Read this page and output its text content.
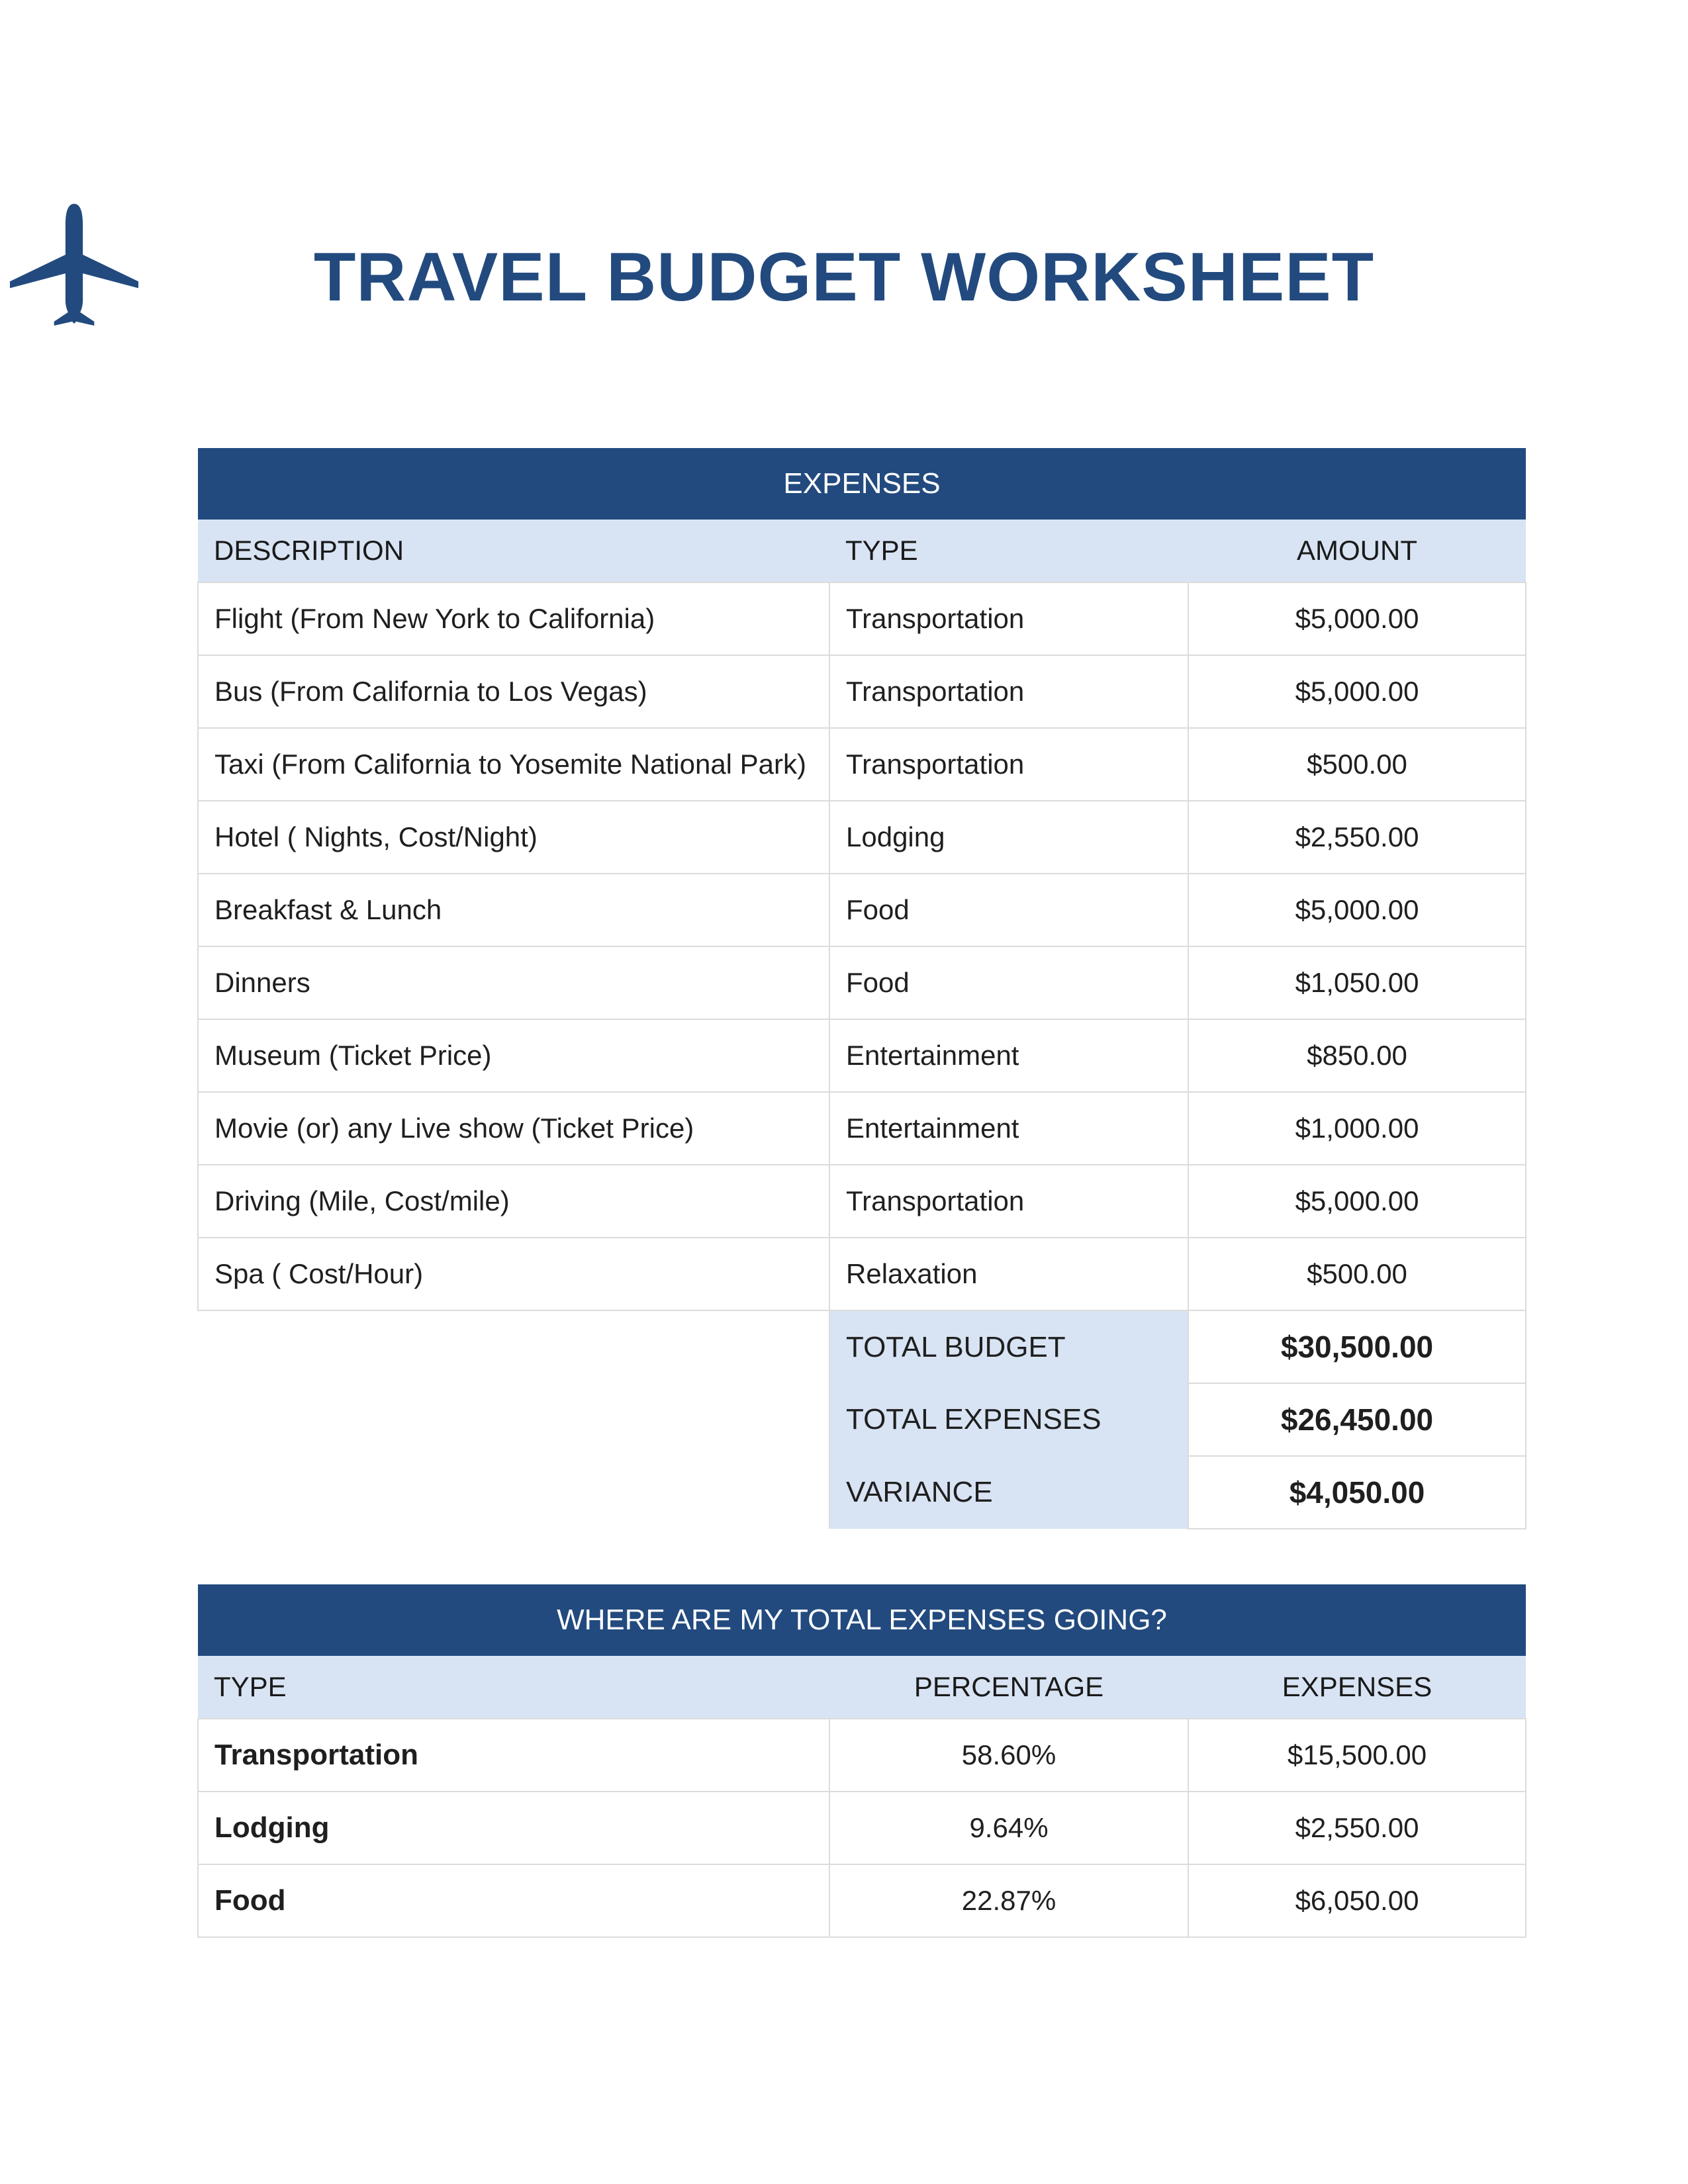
TRAVEL BUDGET WORKSHEET
EXPENSES		
DESCRIPTION	TYPE	AMOUNT
Flight (From New York to California)	Transportation	$5,000.00
Bus (From California to Los Vegas)	Transportation	$5,000.00
Taxi (From California to Yosemite National Park)	Transportation	$500.00
Hotel ( Nights, Cost/Night)	Lodging	$2,550.00
Breakfast & Lunch	Food	$5,000.00
Dinners	Food	$1,050.00
Museum (Ticket Price)	Entertainment	$850.00
Movie (or) any Live show (Ticket Price)	Entertainment	$1,000.00
Driving (Mile, Cost/mile)	Transportation	$5,000.00
Spa ( Cost/Hour)	Relaxation	$500.00
	TOTAL BUDGET	$30,500.00
	TOTAL EXPENSES	$26,450.00
	VARIANCE	$4,050.00
WHERE ARE MY TOTAL EXPENSES GOING?		
TYPE	PERCENTAGE	EXPENSES
Transportation	58.60%	$15,500.00
Lodging	9.64%	$2,550.00
Food	22.87%	$6,050.00
